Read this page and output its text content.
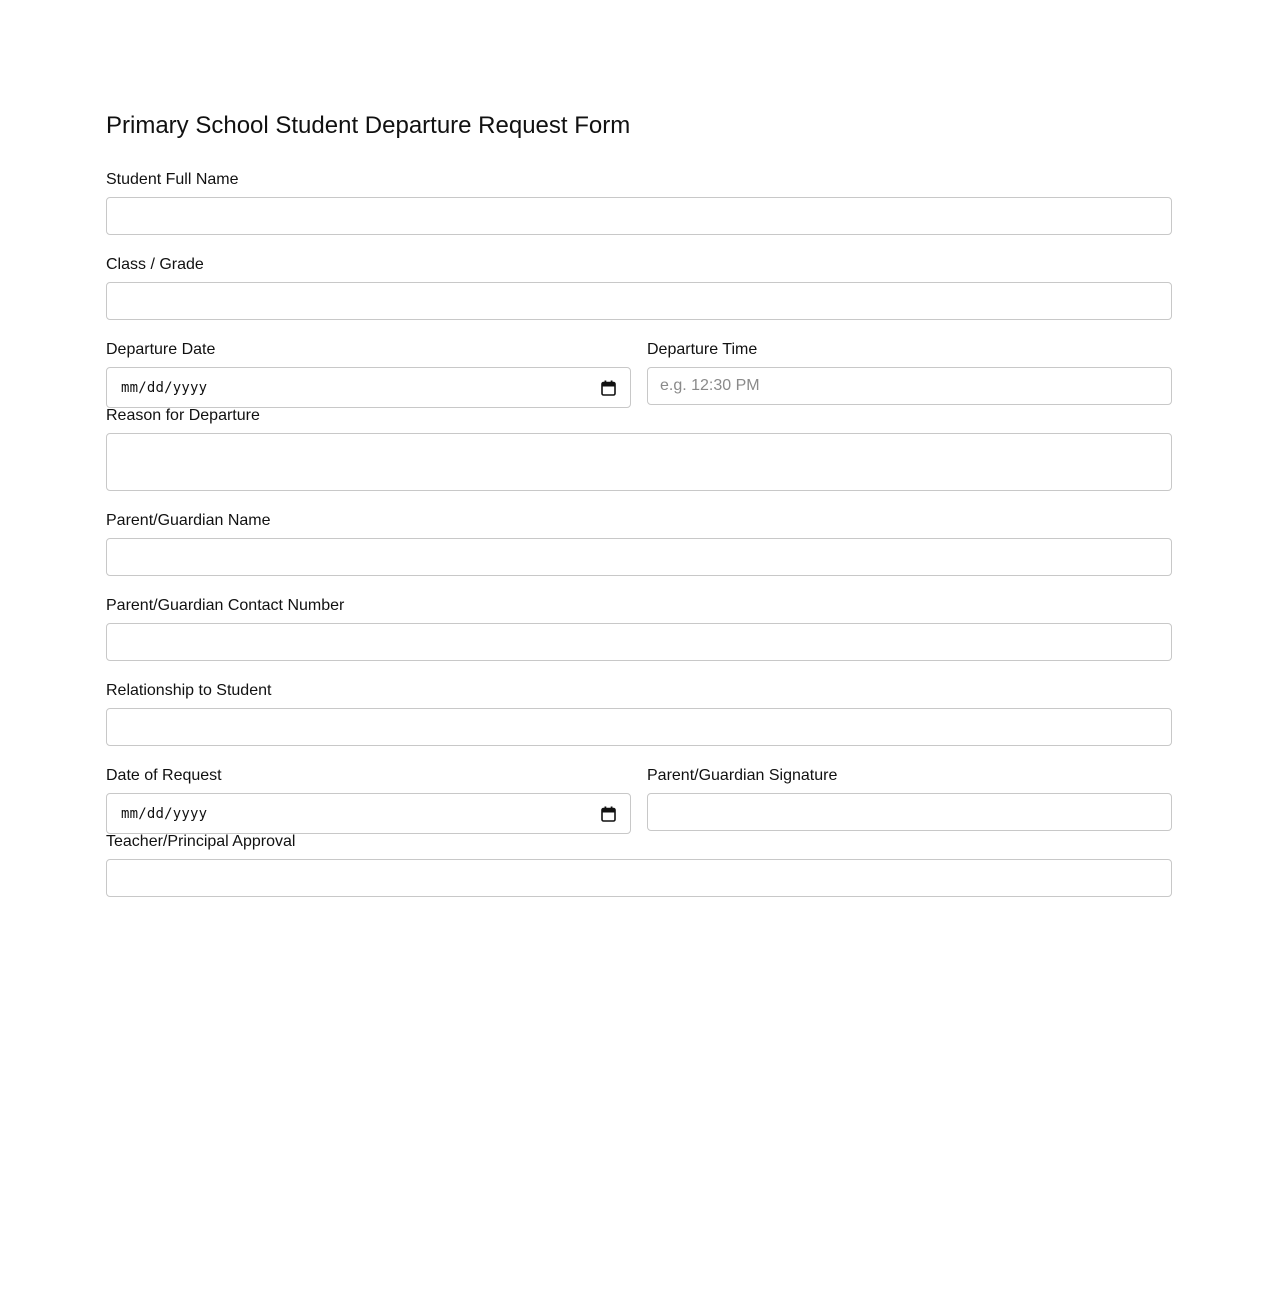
Primary School Student Departure Request Form
Student Full Name
Class / Grade
Departure Date
mm/dd/yyyy
Departure Time
e.g. 12:30 PM
Reason for Departure
Parent/Guardian Name
Parent/Guardian Contact Number
Relationship to Student
Date of Request
mm/dd/yyyy
Parent/Guardian Signature
Teacher/Principal Approval
